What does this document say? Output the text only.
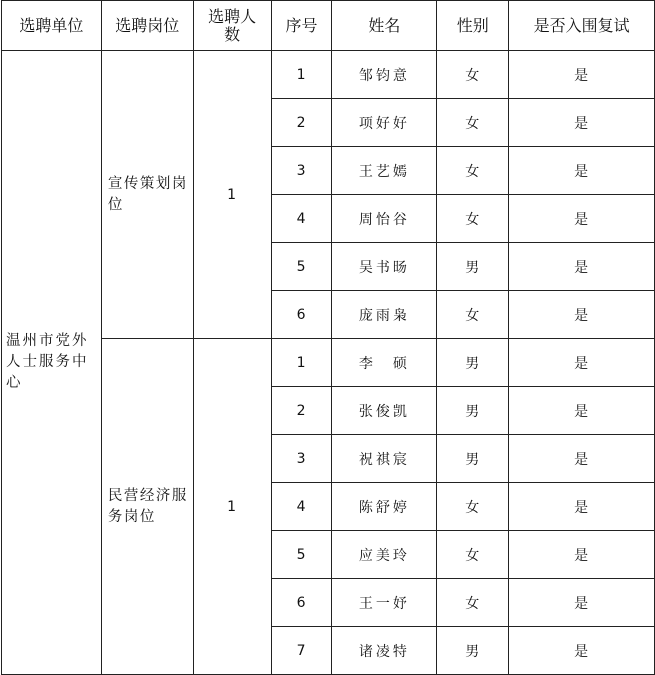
选聘单位	选聘岗位	选聘人数	序号	姓名	性别	是否入围复试
温州市党外人士服务中心	宣传策划岗位	1	1	邹钧意	女	是
			2	项好好	女	是
			3	王艺嫣	女	是
			4	周怡谷	女	是
			5	吴书旸	男	是
			6	庞雨枭	女	是
	民营经济服务岗位	1	1	李　硕	男	是
			2	张俊凯	男	是
			3	祝祺宸	男	是
			4	陈舒婷	女	是
			5	应美玲	女	是
			6	王一妤	女	是
			7	诸凌特	男	是
